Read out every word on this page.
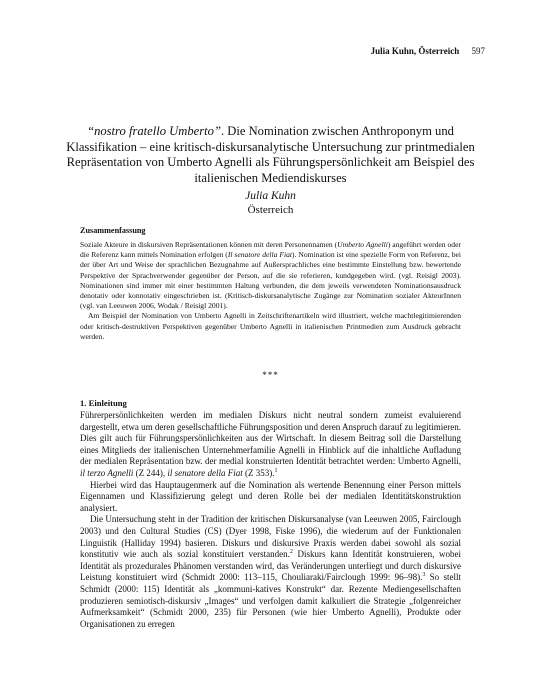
Julia Kuhn, Österreich 597
“nostro fratello Umberto”. Die Nomination zwischen Anthroponym und Klassifikation – eine kritisch-diskursanalytische Untersuchung zur printmedialen Repräsentation von Umberto Agnelli als Führungspersönlichkeit am Beispiel des italienischen Mediendiskurses
Julia Kuhn
Österreich
Zusammenfassung

Soziale Akteure in diskursiven Repräsentationen können mit deren Personennamen (Umberto Agnelli) angeführt werden oder die Referenz kann mittels Nomination erfolgen (Il senatore della Fiat). Nomination ist eine spezielle Form von Referenz, bei der über Art und Weise der sprachlichen Bezugnahme auf Außersprachliches eine bestimmte Einstellung bzw. bewertende Perspektive der Sprachverwender gegenüber der Person, auf die sie referieren, kundgegeben wird. (vgl. Reisigl 2003). Nominationen sind immer mit einer bestimmten Haltung verbunden, die dem jeweils verwendeten Nominationsausdruck denotativ oder konnotativ eingeschrieben ist. (Kritisch-diskursanalytische Zugänge zur Nomination sozialer AkteurInnen (vgl. van Leeuwen 2006, Wodak / Reisigl 2001).

Am Beispiel der Nomination von Umberto Agnelli in Zeitschriftenartikeln wird illustriert, welche machtlegitimierenden oder kritisch-destruktiven Perspektiven gegenüber Umberto Agnelli in italienischen Printmedien zum Ausdruck gebracht werden.

***
1. Einleitung

Führerpersönlichkeiten werden im medialen Diskurs nicht neutral sondern zumeist evaluierend dargestellt, etwa um deren gesellschaftliche Führungsposition und deren Anspruch darauf zu legitimieren. Dies gilt auch für Führungspersönlichkeiten aus der Wirtschaft. In diesem Beitrag soll die Darstellung eines Mitglieds der italienischen Unternehmerfamilie Agnelli in Hinblick auf die inhaltliche Aufladung der medialen Repräsentation bzw. der medial konstruierten Identität betrachtet werden: Umberto Agnelli, il terzo Agnelli (Z 244), il senatore della Fiat (Z 353).$^1$

Hierbei wird das Hauptaugenmerk auf die Nomination als wertende Benennung einer Person mittels Eigennamen und Klassifizierung gelegt und deren Rolle bei der medialen Identitätskonstruktion analysiert.

Die Untersuchung steht in der Tradition der kritischen Diskursanalyse (van Leeuwen 2005, Fairclough 2003) und den Cultural Studies (CS) (Dyer 1998, Fiske 1996), die wiederum auf der Funktionalen Linguistik (Halliday 1994) basieren. Diskurs und diskursive Praxis werden dabei sowohl als sozial konstitutiv wie auch als sozial konstituiert verstanden.$^2$ Diskurs kann Identität konstruieren, wobei Identität als prozedurales Phänomen verstanden wird, das Veränderungen unterliegt und durch diskursive Leistung konstituiert wird (Schmidt 2000: 113–115, Chouliaraki/Fairclough 1999: 96–98).$^3$ So stellt Schmidt (2000: 115) Identität als „kommuni-katives Konstrukt“ dar. Rezente Mediengesellschaften produzieren semiotisch-diskursiv „Images“ und verfolgen damit kalkuliert die Strategie „folgenreicher Aufmerksamkeit“ (Schmidt 2000, 235) für Personen (wie hier Umberto Agnelli), Produkte oder Organisationen zu erregen
